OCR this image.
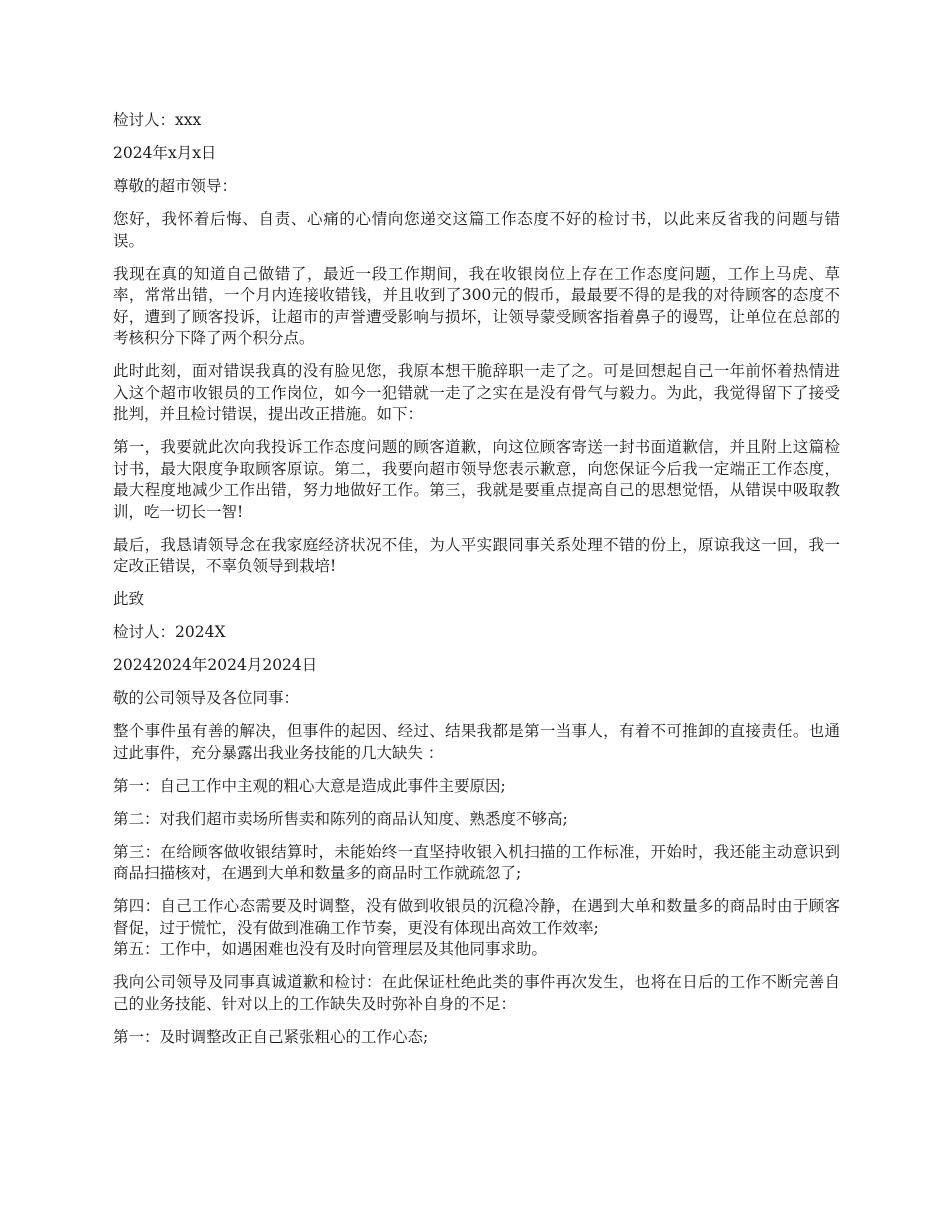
检讨人：xxx

2024年x月x日

尊敬的超市领导：

您好，我怀着后悔、自责、心痛的心情向您递交这篇工作态度不好的检讨书，以此来反省我的问题与错误。

我现在真的知道自己做错了，最近一段工作期间，我在收银岗位上存在工作态度问题，工作上马虎、草率，常常出错，一个月内连接收错钱，并且收到了300元的假币，最最要不得的是我的对待顾客的态度不好，遭到了顾客投诉，让超市的声誉遭受影响与损坏，让领导蒙受顾客指着鼻子的谩骂，让单位在总部的考核积分下降了两个积分点。

此时此刻，面对错误我真的没有脸见您，我原本想干脆辞职一走了之。可是回想起自己一年前怀着热情进入这个超市收银员的工作岗位，如今一犯错就一走了之实在是没有骨气与毅力。为此，我觉得留下了接受批判，并且检讨错误，提出改正措施。如下：

第一，我要就此次向我投诉工作态度问题的顾客道歉，向这位顾客寄送一封书面道歉信，并且附上这篇检讨书，最大限度争取顾客原谅。第二，我要向超市领导您表示歉意，向您保证今后我一定端正工作态度，最大程度地减少工作出错，努力地做好工作。第三，我就是要重点提高自己的思想觉悟，从错误中吸取教训，吃一切长一智!

最后，我恳请领导念在我家庭经济状况不佳，为人平实跟同事关系处理不错的份上，原谅我这一回，我一定改正错误，不辜负领导到栽培!

此致

检讨人：2024X

20242024年2024月2024日

敬的公司领导及各位同事：

整个事件虽有善的解决，但事件的起因、经过、结果我都是第一当事人，有着不可推卸的直接责任。也通过此事件，充分暴露出我业务技能的几大缺失 ：

第一：自己工作中主观的粗心大意是造成此事件主要原因;

第二：对我们超市卖场所售卖和陈列的商品认知度、熟悉度不够高;

第三：在给顾客做收银结算时，未能始终一直坚持收银入机扫描的工作标准，开始时，我还能主动意识到商品扫描核对，在遇到大单和数量多的商品时工作就疏忽了;

第四：自己工作心态需要及时调整，没有做到收银员的沉稳冷静，在遇到大单和数量多的商品时由于顾客督促，过于慌忙，没有做到准确工作节奏，更没有体现出高效工作效率;

第五：工作中，如遇困难也没有及时向管理层及其他同事求助。

我向公司领导及同事真诚道歉和检讨：在此保证杜绝此类的事件再次发生，也将在日后的工作不断完善自己的业务技能、针对以上的工作缺失及时弥补自身的不足：

第一：及时调整改正自己紧张粗心的工作心态;
